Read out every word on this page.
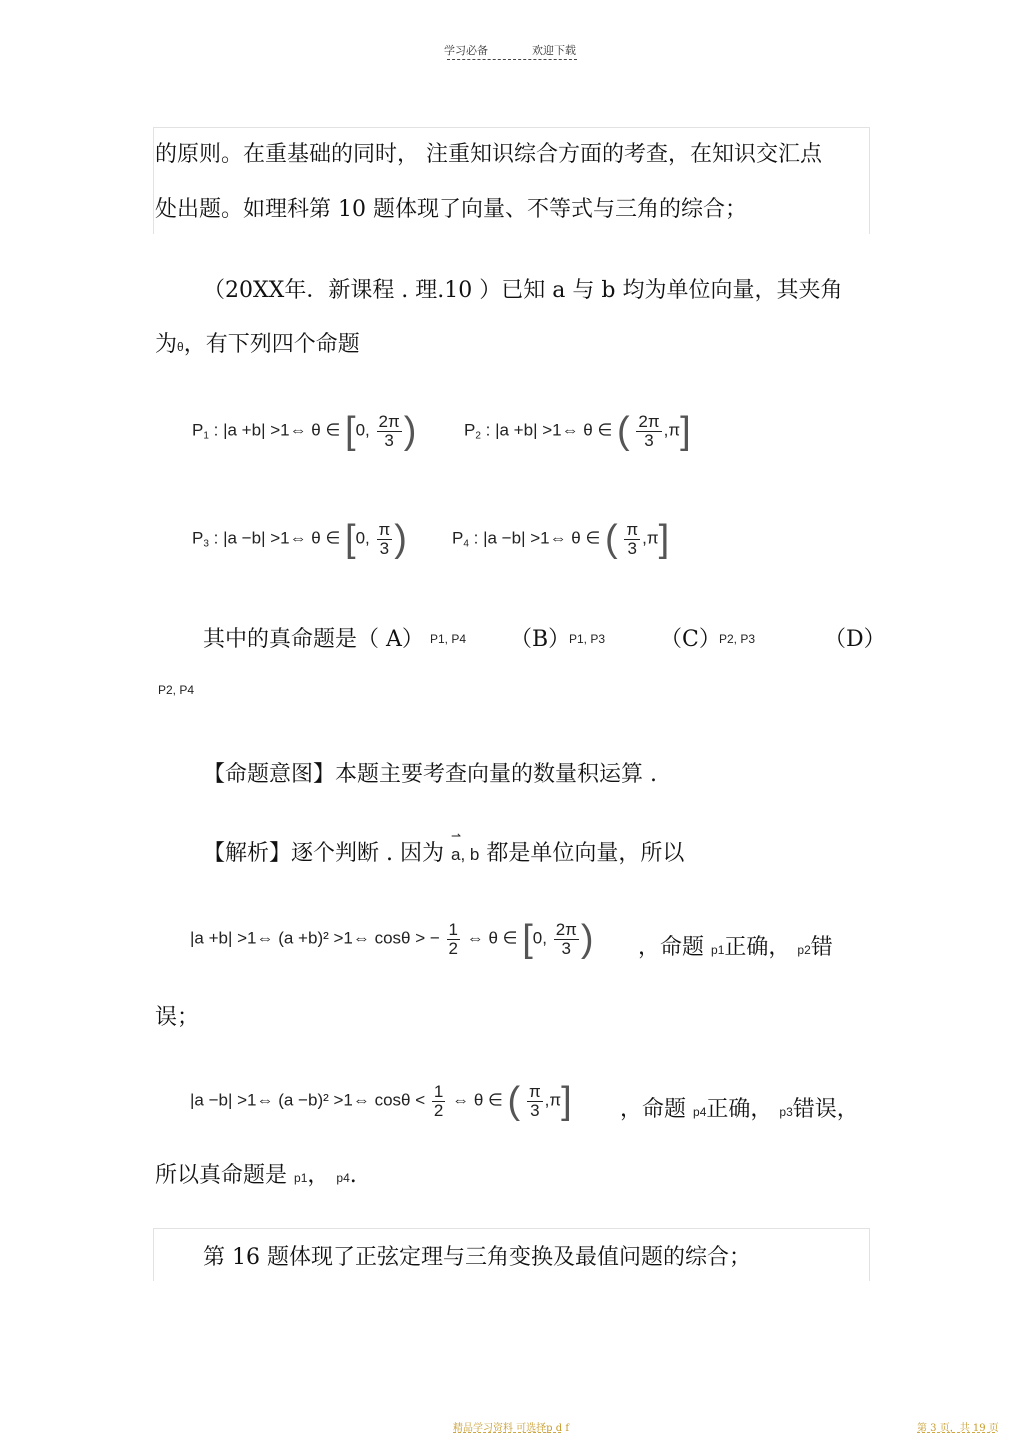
学习必备	欢迎下载
的原则。在重基础的同时， 注重知识综合方面的考查，在知识交汇点
处出题。如理科第 10 题体现了向量、不等式与三角的综合；
（20XX年．新课程 . 理.10 ）已知 a 与 b 均为单位向量，其夹角
为θ，有下列四个命题
$P_1$ : |a +b| >1⇔ θ ∈ [0, $\frac{2\pi}{3}$ )	$P_2$ : |a +b| >1⇔ θ ∈ ( $\frac{2\pi}{3} ,\pi$]
$P_3$ : |a −b| >1⇔ θ ∈ [0, $\frac{\pi}{3}$ )	$P_4$ : |a −b| >1⇔ θ ∈ ( $\frac{\pi}{3} ,\pi$]
其中的真命题是（ A） P1, P4 （B）
P1, P3 （C）
P2, P3	（D）
P2, P4
【命题意图】本题主要考查向量的数量积运算 .
【解析】逐个判断 . 因为 ⇀ a, b 都是单位向量，所以
|a +b| >1⇔ (a +b)² >1⇔ cosθ > − $\frac{1}{2}$ ⇔ θ ∈ [0, $\frac{2\pi}{3}$ ) ，命题 p1正确， p2错
误；
|a −b| >1⇔ (a −b)² >1⇔ $\cos\theta < \frac{1}{2}$ ⇔ θ ∈ ( $\frac{\pi}{3} ,\pi$] ，命题 p4正确， p3错误，
所以真命题是 p1， p4.
第 16 题体现了正弦定理与三角变换及最值问题的综合；
精品学习资料 可选择p d f	第 3 页，共 19 页
